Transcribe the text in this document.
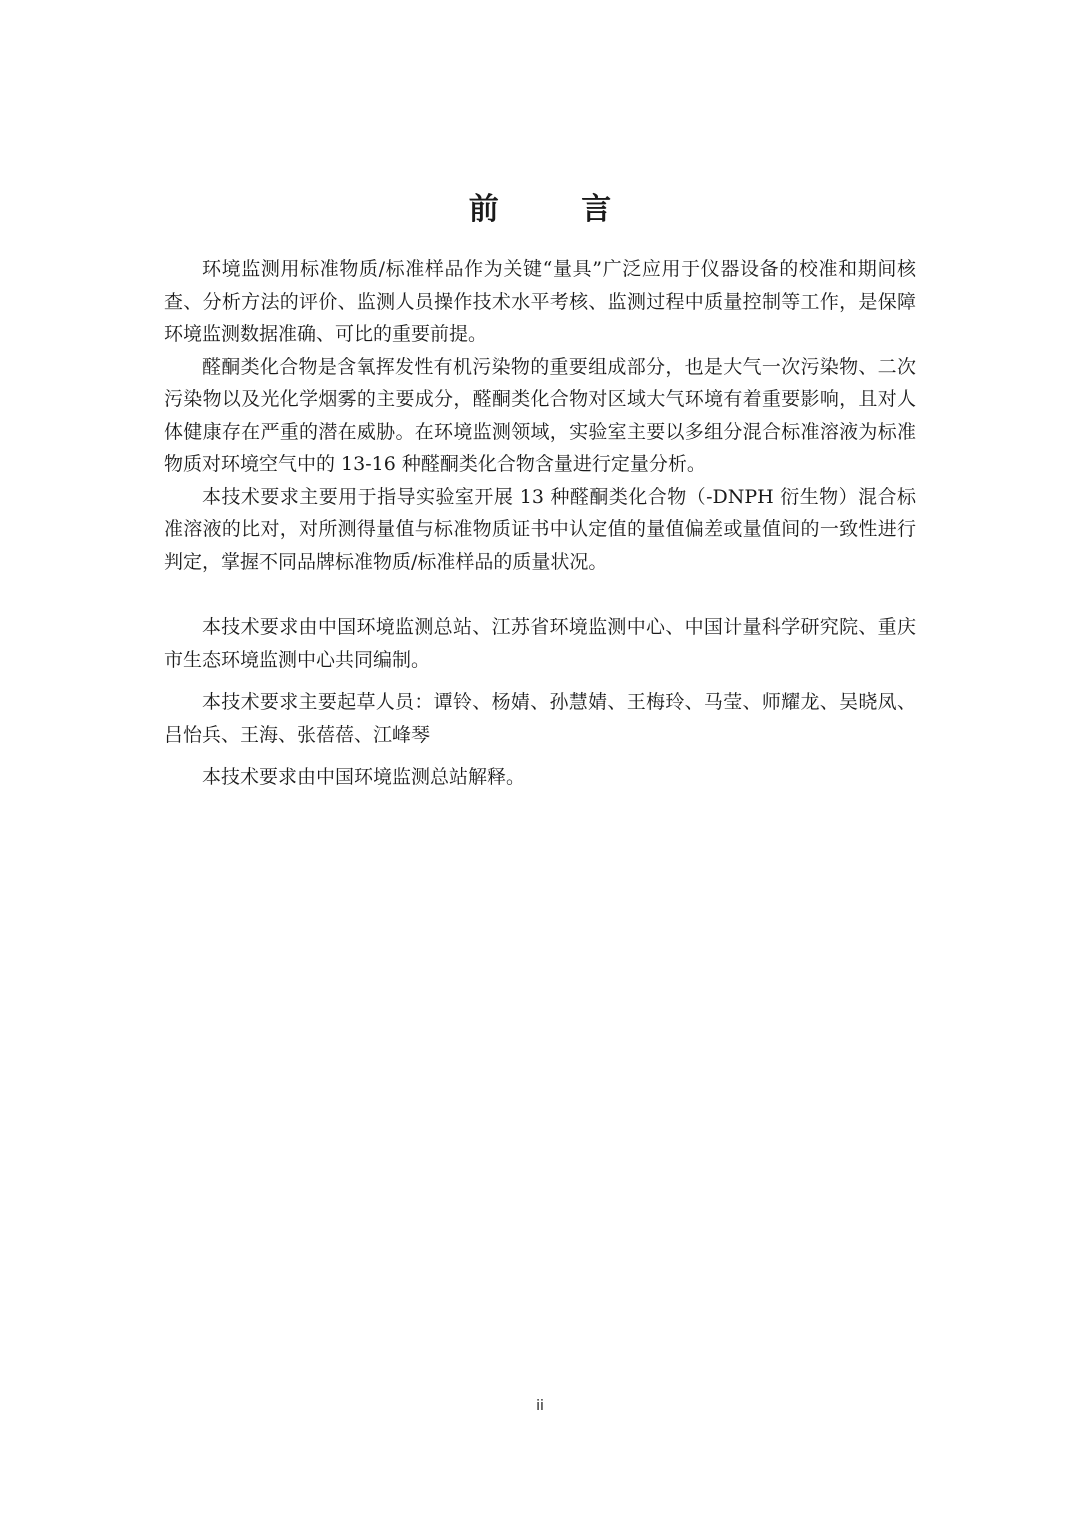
前 言

环境监测用标准物质/标准样品作为关键“量具”广泛应用于仪器设备的校准和期间核查、分析方法的评价、监测人员操作技术水平考核、监测过程中质量控制等工作，是保障环境监测数据准确、可比的重要前提。

醛酮类化合物是含氧挥发性有机污染物的重要组成部分，也是大气一次污染物、二次污染物以及光化学烟雾的主要成分，醛酮类化合物对区域大气环境有着重要影响，且对人体健康存在严重的潜在威胁。在环境监测领域，实验室主要以多组分混合标准溶液为标准物质对环境空气中的 13-16 种醛酮类化合物含量进行定量分析。

本技术要求主要用于指导实验室开展 13 种醛酮类化合物（-DNPH 衍生物）混合标准溶液的比对，对所测得量值与标准物质证书中认定值的量值偏差或量值间的一致性进行判定，掌握不同品牌标准物质/标准样品的质量状况。

本技术要求由中国环境监测总站、江苏省环境监测中心、中国计量科学研究院、重庆市生态环境监测中心共同编制。

本技术要求主要起草人员：谭铃、杨婧、孙慧婧、王梅玲、马莹、师耀龙、吴晓凤、吕怡兵、王海、张蓓蓓、江峰琴

本技术要求由中国环境监测总站解释。

ii
